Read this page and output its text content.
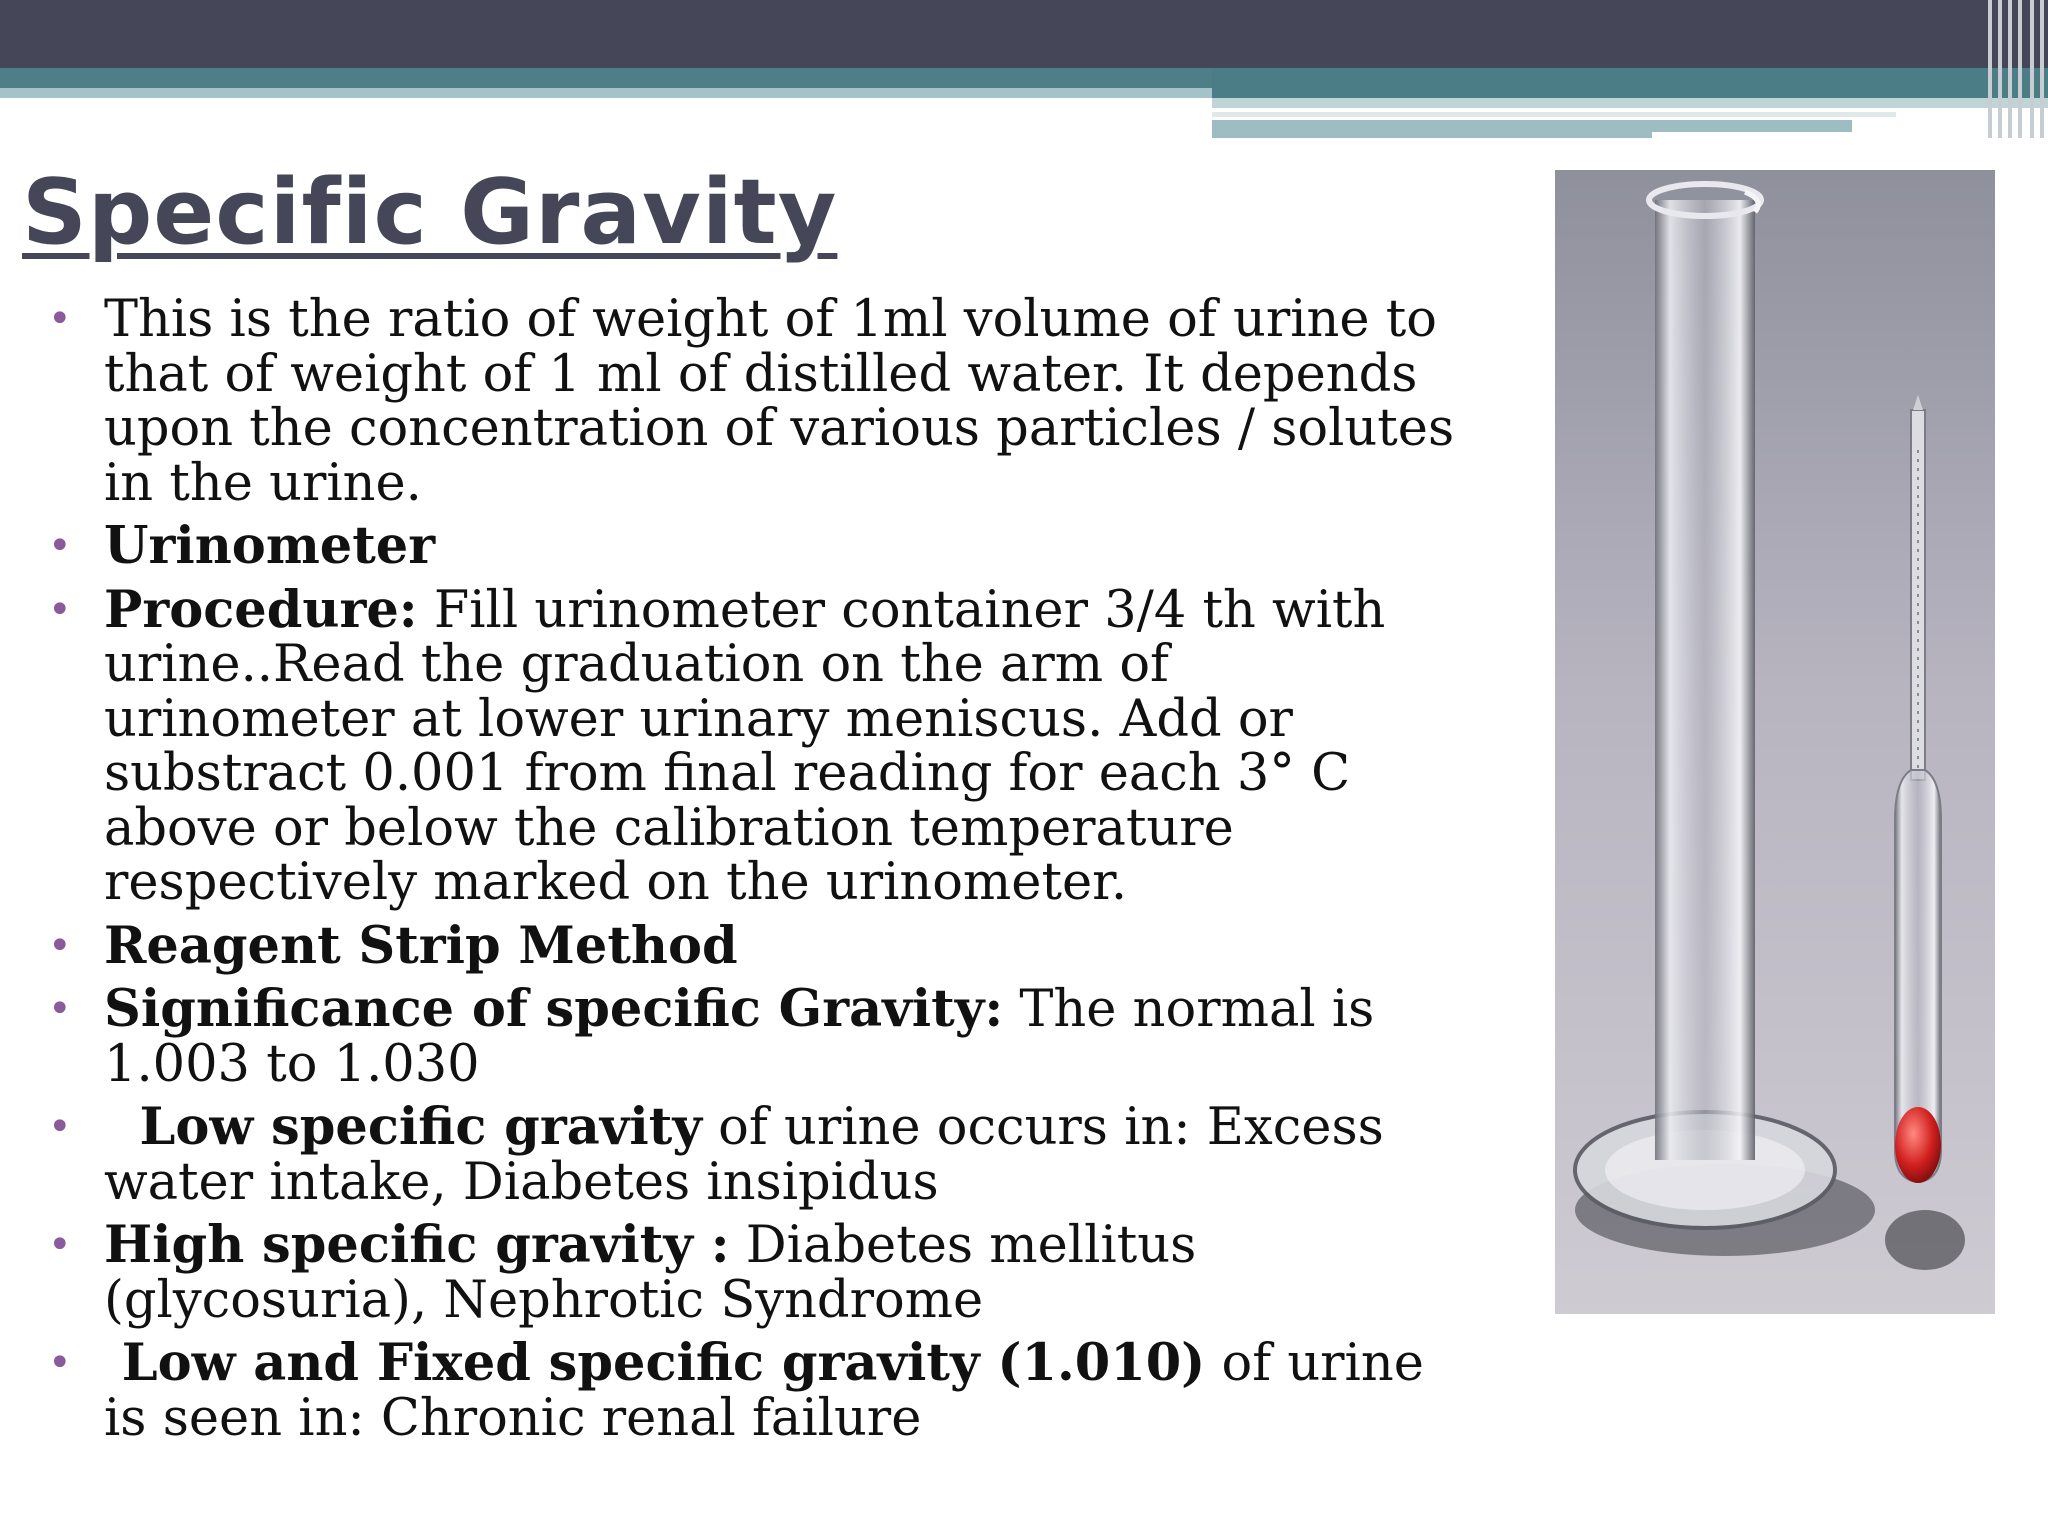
Specific Gravity
• This is the ratio of weight of 1ml volume of urine to that of weight of 1 ml of distilled water. It depends upon the concentration of various particles / solutes in the urine.
• Urinometer
• Procedure: Fill urinometer container 3/4 th with urine..Read the graduation on the arm of urinometer at lower urinary meniscus. Add or substract 0.001 from final reading for each 3° C above or below the calibration temperature respectively marked on the urinometer.
• Reagent Strip Method
• Significance of specific Gravity: The normal is 1.003 to 1.030
• Low specific gravity of urine occurs in: Excess water intake, Diabetes insipidus
• High specific gravity : Diabetes mellitus (glycosuria), Nephrotic Syndrome
• Low and Fixed specific gravity (1.010) of urine is seen in: Chronic renal failure
